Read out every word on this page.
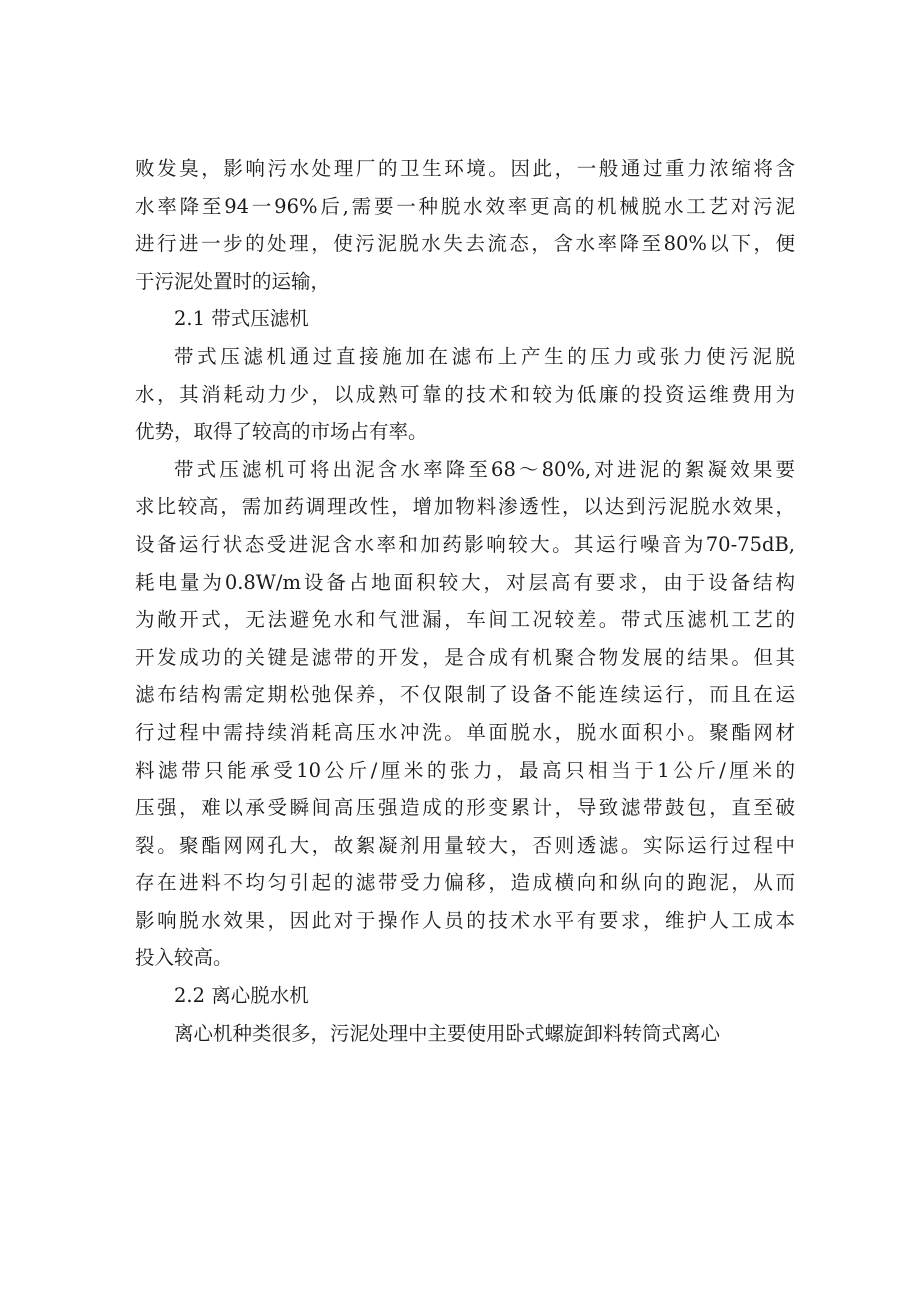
败发臭，影响污水处理厂的卫生环境。因此，一般通过重力浓缩将含
水率降至94一96%后,需要一种脱水效率更高的机械脱水工艺对污泥
进行进一步的处理，使污泥脱水失去流态，含水率降至80%以下，便
于污泥处置时的运输，
2.1 带式压滤机
带式压滤机通过直接施加在滤布上产生的压力或张力使污泥脱
水，其消耗动力少，以成熟可靠的技术和较为低廉的投资运维费用为
优势，取得了较高的市场占有率。
带式压滤机可将出泥含水率降至68〜80%,对进泥的絮凝效果要
求比较高，需加药调理改性，增加物料渗透性，以达到污泥脱水效果，
设备运行状态受进泥含水率和加药影响较大。其运行噪音为70-75dB,
耗电量为0.8W/m设备占地面积较大，对层高有要求，由于设备结构
为敞开式，无法避免水和气泄漏，车间工况较差。带式压滤机工艺的
开发成功的关键是滤带的开发，是合成有机聚合物发展的结果。但其
滤布结构需定期松弛保养，不仅限制了设备不能连续运行，而且在运
行过程中需持续消耗高压水冲洗。单面脱水，脱水面积小。聚酯网材
料滤带只能承受10公斤/厘米的张力，最高只相当于1公斤/厘米的
压强，难以承受瞬间高压强造成的形变累计，导致滤带鼓包，直至破
裂。聚酯网网孔大，故絮凝剂用量较大，否则透滤。实际运行过程中
存在进料不均匀引起的滤带受力偏移，造成横向和纵向的跑泥，从而
影响脱水效果，因此对于操作人员的技术水平有要求，维护人工成本
投入较高。
2.2 离心脱水机
离心机种类很多，污泥处理中主要使用卧式螺旋卸料转筒式离心
